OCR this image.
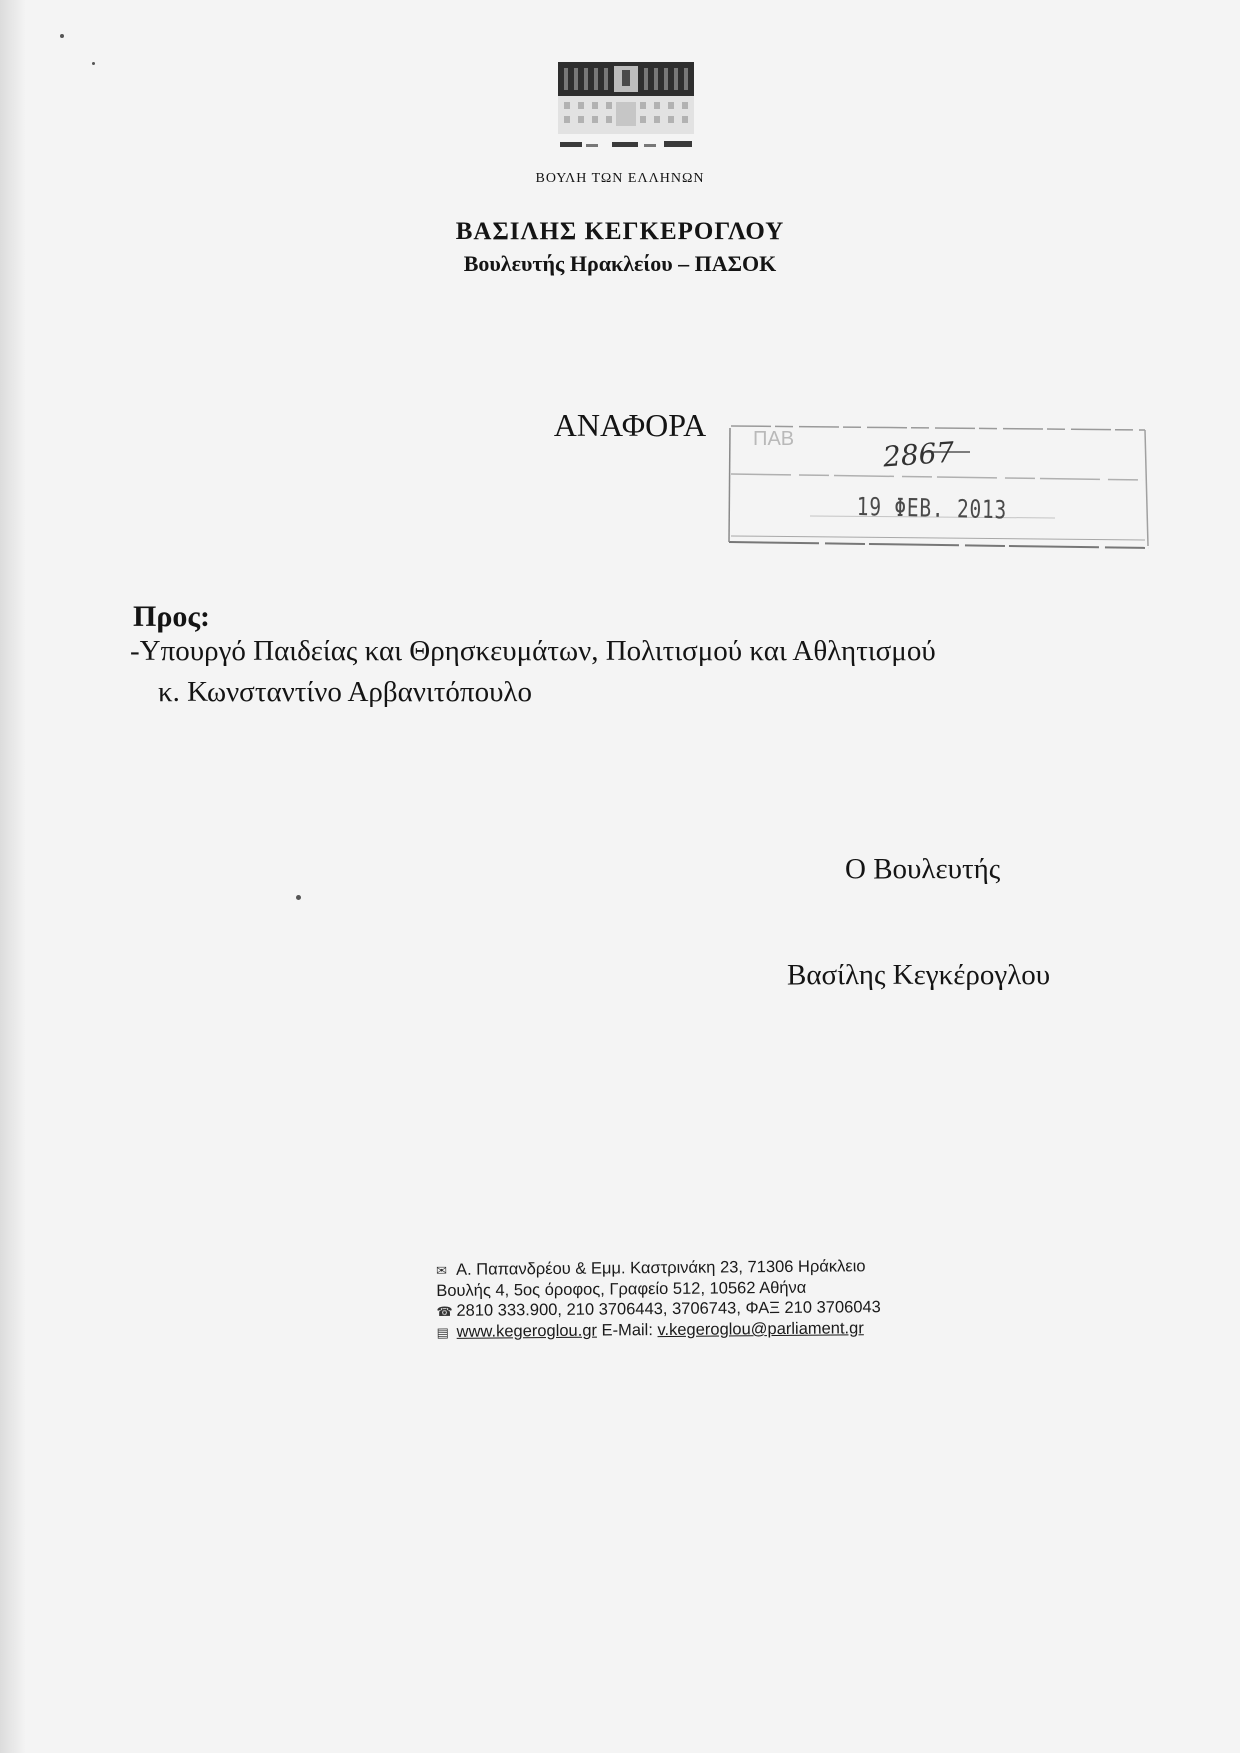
ΒΟΥΛΗ ΤΩΝ ΕΛΛΗΝΩΝ
ΒΑΣΙΛΗΣ ΚΕΓΚΕΡΟΓΛΟΥ
Βουλευτής Ηρακλείου – ΠΑΣΟΚ
ΑΝΑΦΟΡΑ	ΠΑΒ	2867
19 ΦΕΒ. 2013
Προς:
-Υπουργό Παιδείας και Θρησκευμάτων, Πολιτισμού και Αθλητισμού
κ. Κωνσταντίνο Αρβανιτόπουλο
Ο Βουλευτής
Βασίλης Κεγκέρογλου
✉ Α. Παπανδρέου & Εμμ. Καστρινάκη 23, 71306 Ηράκλειο
Βουλής 4, 5ος όροφος, Γραφείο 512, 10562 Αθήνα
☎ 2810 333.900, 210 3706443, 3706743, ΦΑΞ 210 3706043
▤ www.kegeroglou.gr E-Mail: v.kegeroglou@parliament.gr
